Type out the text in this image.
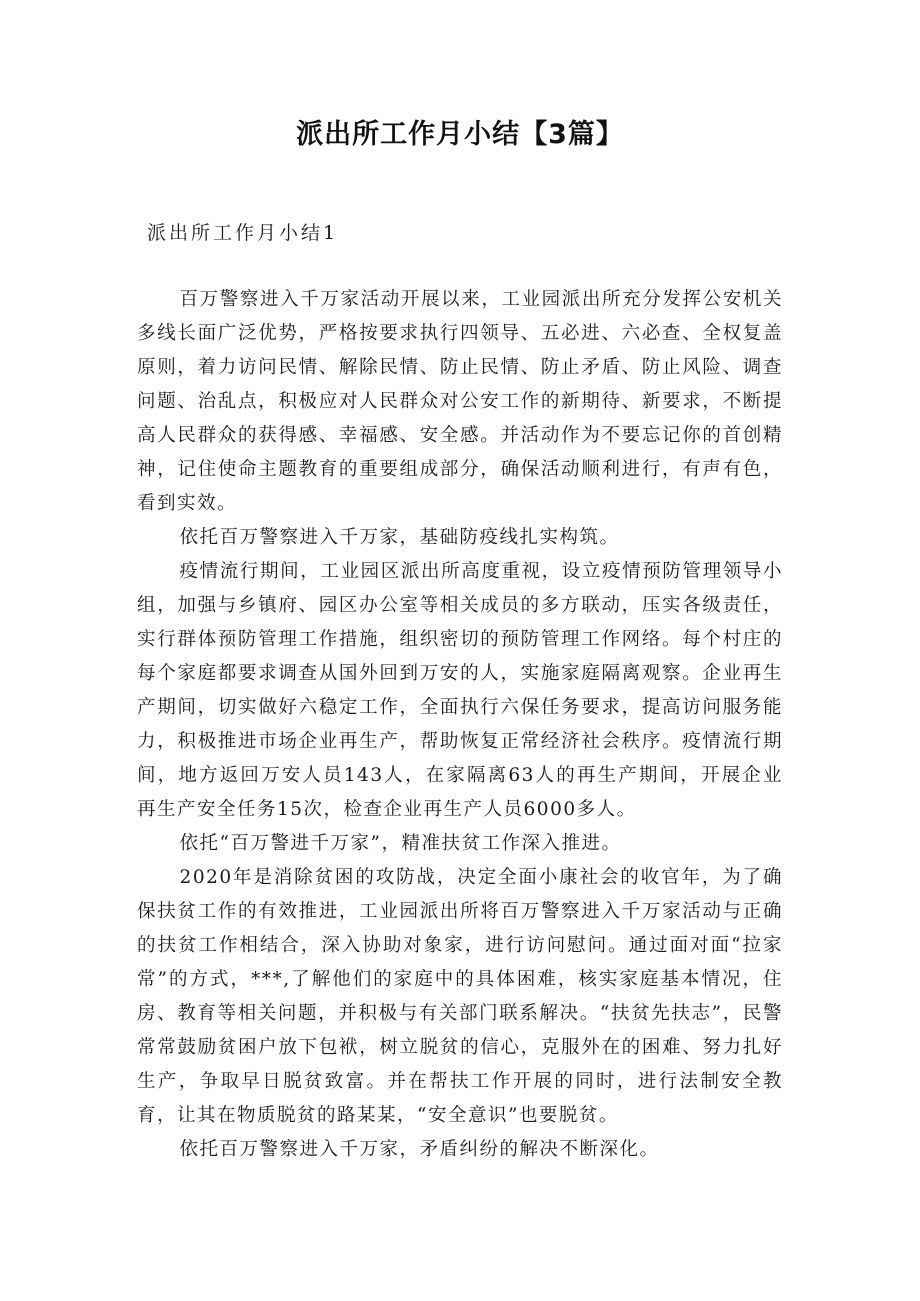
派出所工作月小结【3篇】
派出所工作月小结1

百万警察进入千万家活动开展以来，工业园派出所充分发挥公安机关多线长面广泛优势，严格按要求执行四领导、五必进、六必查、全权复盖原则，着力访问民情、解除民情、防止民情、防止矛盾、防止风险、调查问题、治乱点，积极应对人民群众对公安工作的新期待、新要求，不断提高人民群众的获得感、幸福感、安全感。并活动作为不要忘记你的首创精神，记住使命主题教育的重要组成部分，确保活动顺利进行，有声有色，看到实效。

依托百万警察进入千万家，基础防疫线扎实构筑。

疫情流行期间，工业园区派出所高度重视，设立疫情预防管理领导小组，加强与乡镇府、园区办公室等相关成员的多方联动，压实各级责任，实行群体预防管理工作措施，组织密切的预防管理工作网络。每个村庄的每个家庭都要求调查从国外回到万安的人，实施家庭隔离观察。企业再生产期间，切实做好六稳定工作，全面执行六保任务要求，提高访问服务能力，积极推进市场企业再生产，帮助恢复正常经济社会秩序。疫情流行期间，地方返回万安人员143人，在家隔离63人的再生产期间，开展企业再生产安全任务15次，检查企业再生产人员6000多人。

依托“百万警进千万家”，精准扶贫工作深入推进。

2020年是消除贫困的攻防战，决定全面小康社会的收官年，为了确保扶贫工作的有效推进，工业园派出所将百万警察进入千万家活动与正确的扶贫工作相结合，深入协助对象家，进行访问慰问。通过面对面“拉家常”的方式，***,了解他们的家庭中的具体困难，核实家庭基本情况，住房、教育等相关问题，并积极与有关部门联系解决。“扶贫先扶志”，民警常常鼓励贫困户放下包袱，树立脱贫的信心，克服外在的困难、努力扎好生产，争取早日脱贫致富。并在帮扶工作开展的同时，进行法制安全教育，让其在物质脱贫的路某某，“安全意识”也要脱贫。

依托百万警察进入千万家，矛盾纠纷的解决不断深化。
